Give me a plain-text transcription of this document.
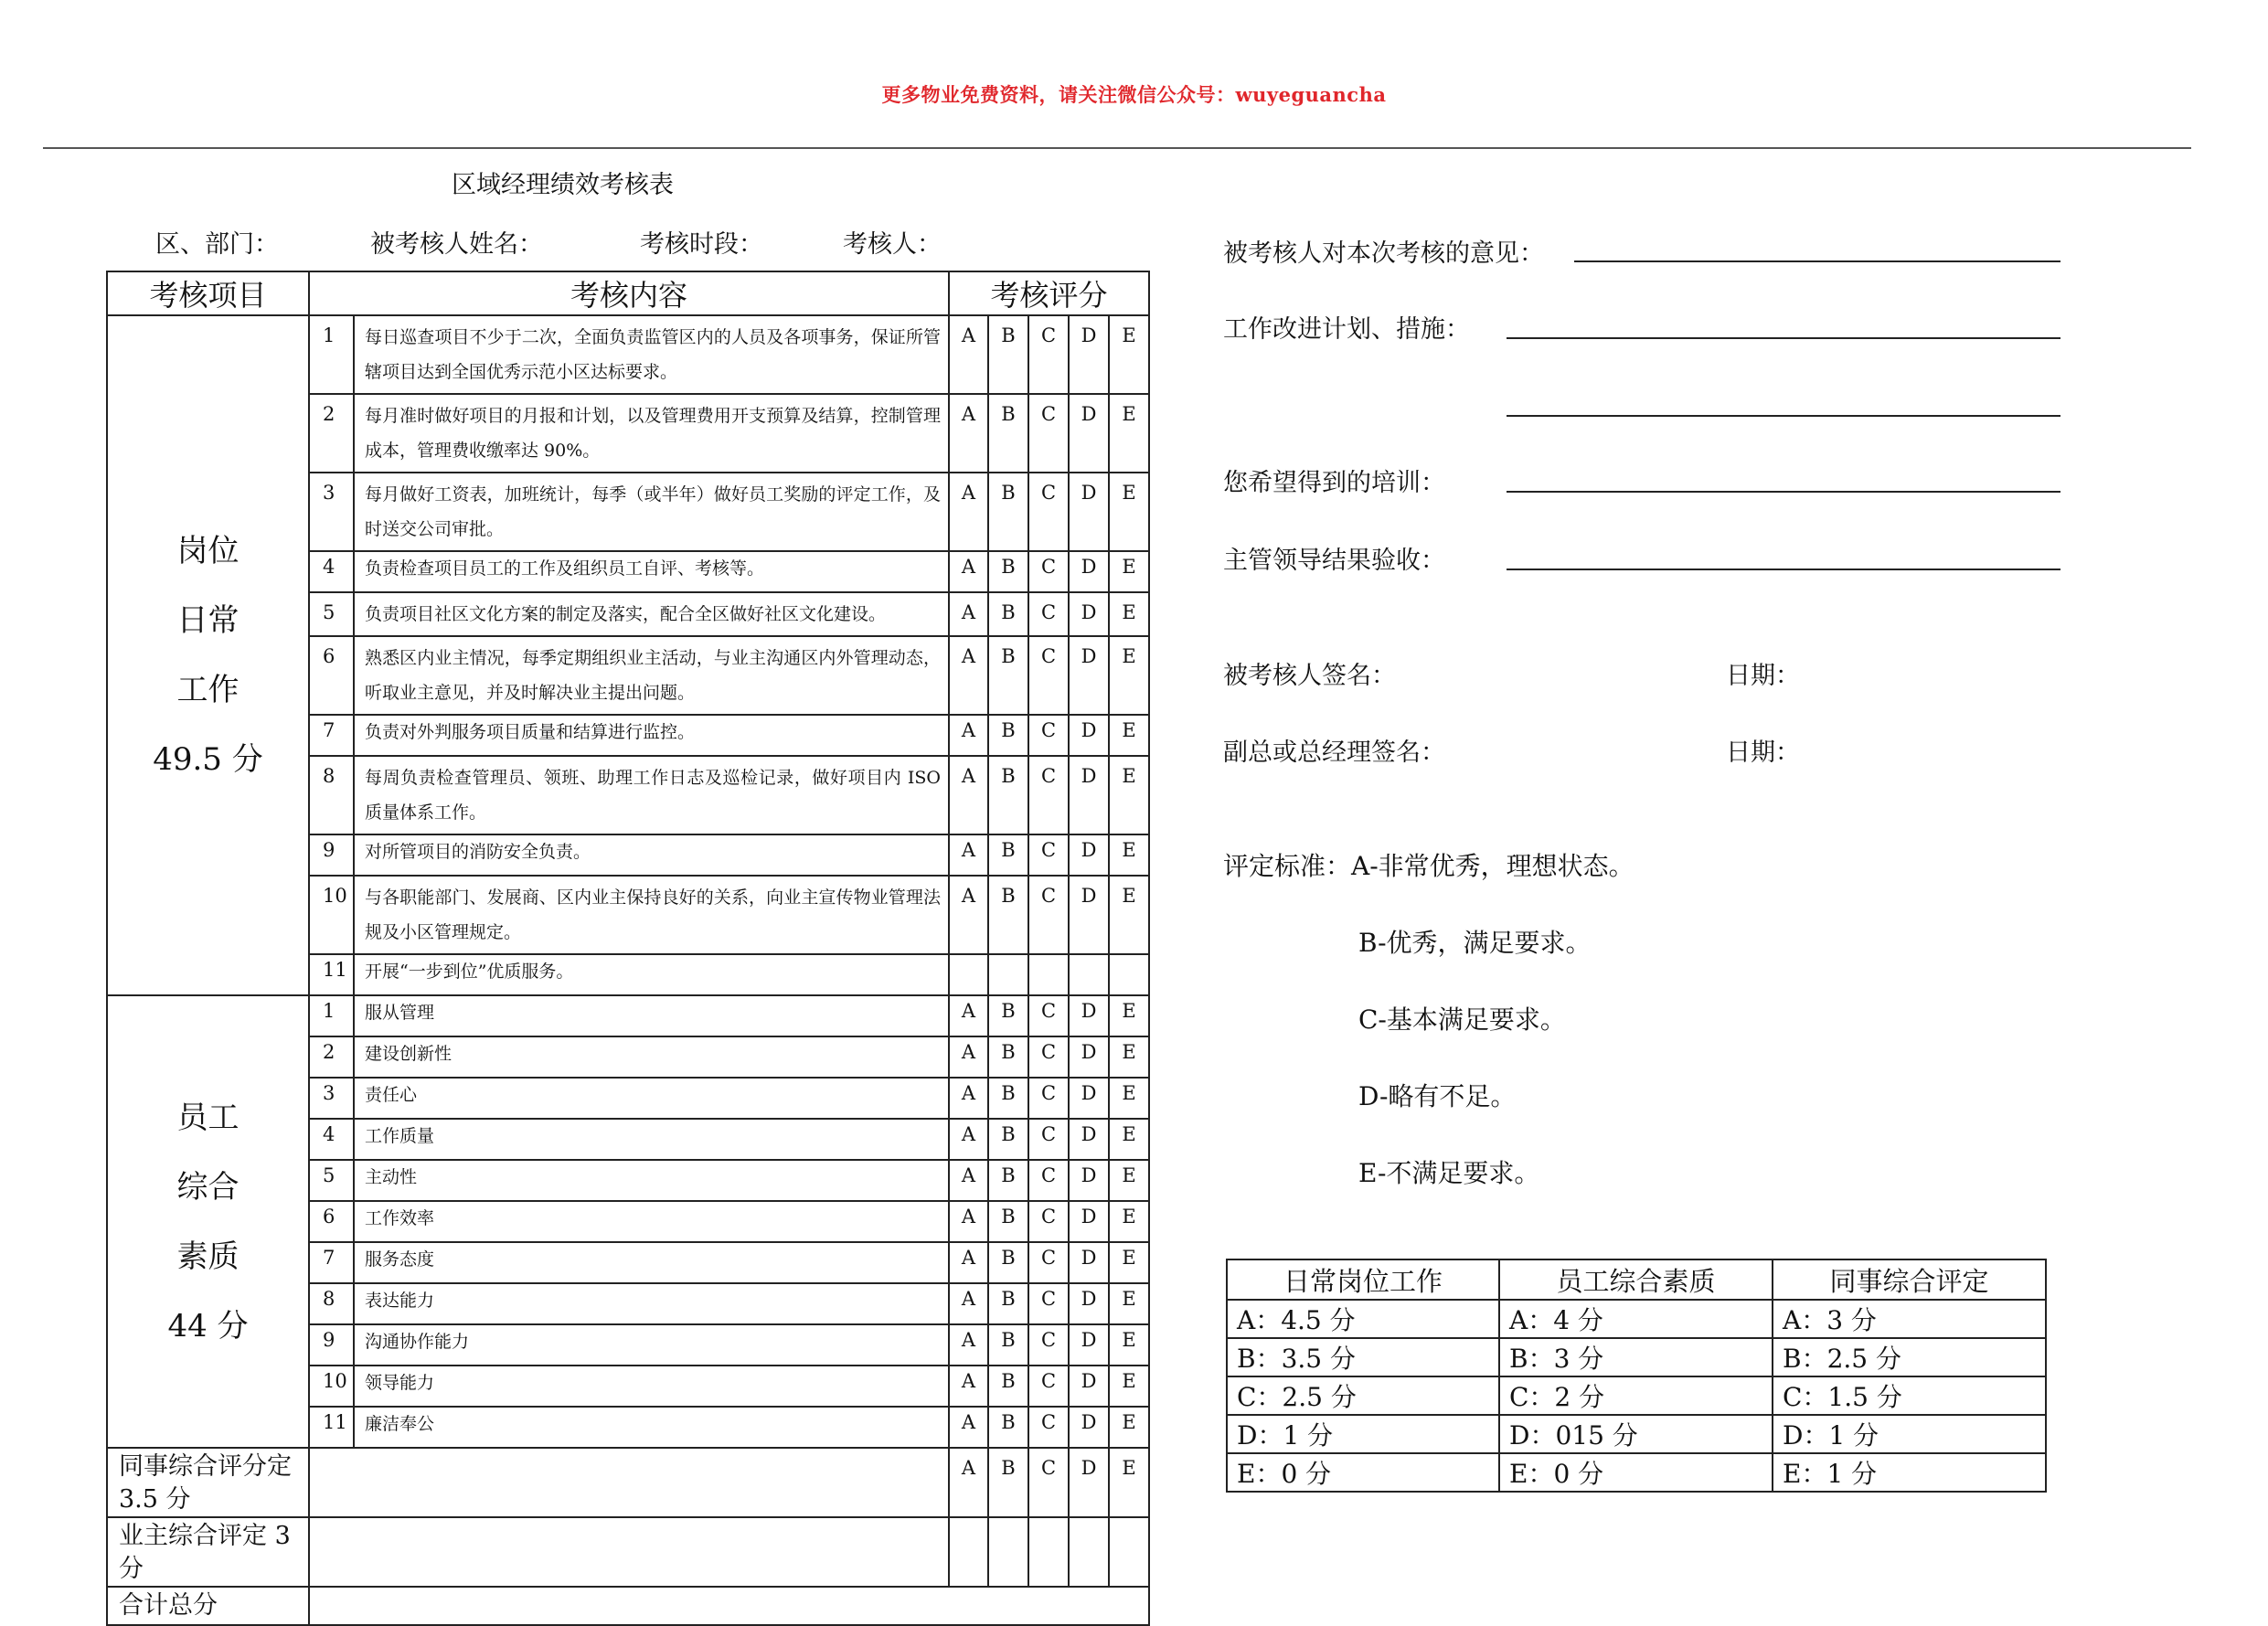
更多物业免费资料，请关注微信公众号：wuyeguancha
区域经理绩效考核表
区、部门：	被考核人姓名：	考核时段：	考核人：
考核项目	考核内容		考核评分				

岗位
日常
工作
49.5 分	1	每日巡查项目不少于二次，全面负责监管区内的人员及各项事务，保证所管辖项目达到全国优秀示范小区达标要求。	A	B	C	D	E
	2	每月准时做好项目的月报和计划，以及管理费用开支预算及结算，控制管理成本，管理费收缴率达 90%。	A	B	C	D	E
	3	每月做好工资表，加班统计，每季（或半年）做好员工奖励的评定工作，及时送交公司审批。	A	B	C	D	E
	4	负责检查项目员工的工作及组织员工自评、考核等。	A	B	C	D	E
	5	负责项目社区文化方案的制定及落实，配合全区做好社区文化建设。	A	B	C	D	E
	6	熟悉区内业主情况，每季定期组织业主活动，与业主沟通区内外管理动态，听取业主意见，并及时解决业主提出问题。	A	B	C	D	E
	7	负责对外判服务项目质量和结算进行监控。	A	B	C	D	E
	8	每周负责检查管理员、领班、助理工作日志及巡检记录，做好项目内 ISO 质量体系工作。	A	B	C	D	E
	9	对所管项目的消防安全负责。	A	B	C	D	E
	10	与各职能部门、发展商、区内业主保持良好的关系，向业主宣传物业管理法规及小区管理规定。	A	B	C	D	E
	11	开展“一步到位”优质服务。					

员工
综合
素质
44 分	1	服从管理	A	B	C	D	E
	2	建设创新性	A	B	C	D	E
	3	责任心	A	B	C	D	E
	4	工作质量	A	B	C	D	E
	5	主动性	A	B	C	D	E
	6	工作效率	A	B	C	D	E
	7	服务态度	A	B	C	D	E
	8	表达能力	A	B	C	D	E
	9	沟通协作能力	A	B	C	D	E
	10	领导能力	A	B	C	D	E
	11	廉洁奉公	A	B	C	D	E
同事综合评分定 3.5 分			A	B	C	D	E
业主综合评定 3 分							
合计总分							
被考核人对本次考核的意见：
工作改进计划、措施：
您希望得到的培训：
主管领导结果验收：
被考核人签名：	日期：
副总或总经理签名：	日期：
评定标准：A-非常优秀，理想状态。
B-优秀，满足要求。
C-基本满足要求。
D-略有不足。
E-不满足要求。
日常岗位工作	员工综合素质	同事综合评定
A：4.5 分	A：4 分	A：3 分
B：3.5 分	B：3 分	B：2.5 分
C：2.5 分	C：2 分	C：1.5 分
D：1 分	D：015 分	D：1 分
E：0 分	E：0 分	E：1 分
